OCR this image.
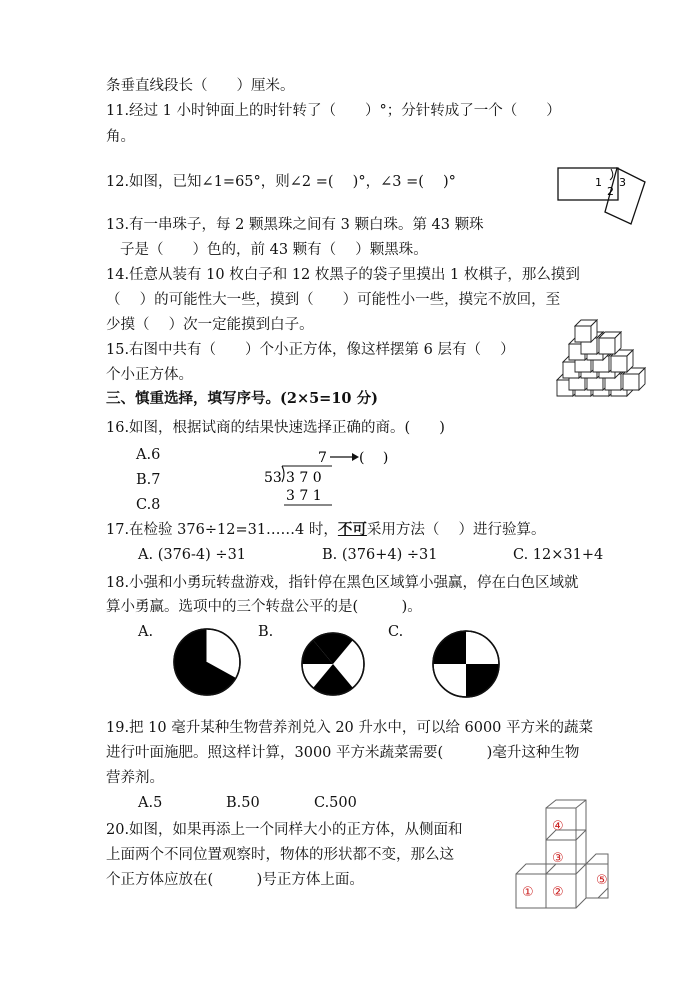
条垂直线段长（　　）厘米。
11.经过 1 小时钟面上的时针转了（　　）°；分针转成了一个（　　）
角。
12.如图，已知∠1=65°，则∠2 =(　 )°，∠3 =(　 )°	1
2
3
13.有一串珠子，每 2 颗黑珠之间有 3 颗白珠。第 43 颗珠
子是（　　）色的，前 43 颗有（　 ）颗黑珠。
14.任意从装有 10 枚白子和 12 枚黑子的袋子里摸出 1 枚棋子，那么摸到
（　 ）的可能性大一些，摸到（　　）可能性小一些，摸完不放回，至
少摸（　 ）次一定能摸到白子。
15.右图中共有（　　）个小正方体，像这样摆第 6 层有（　 ）
个小正方体。
三、慎重选择，填写序号。(2×5=10 分)
16.如图，根据试商的结果快速选择正确的商。(　　)
A.6
B.7
C.8
7 (　 )
53 3 7 0
3 7 1
17.在检验 376÷12=31……4 时，不可采用方法（　 ）进行验算。
A. (376-4) ÷31	B. (376+4) ÷31	C. 12×31+4
18.小强和小勇玩转盘游戏，指针停在黑色区域算小强赢，停在白色区域就
算小勇赢。选项中的三个转盘公平的是(　　　)。
A.	B.	C.
19.把 10 毫升某种生物营养剂兑入 20 升水中，可以给 6000 平方米的蔬菜
进行叶面施肥。照这样计算，3000 平方米蔬菜需要(　　　)毫升这种生物
营养剂。
A.5	B.50	C.500
20.如图，如果再添上一个同样大小的正方体，从侧面和
上面两个不同位置观察时，物体的形状都不变，那么这
个正方体应放在(　　　)号正方体上面。
① ②
③
④
⑤
